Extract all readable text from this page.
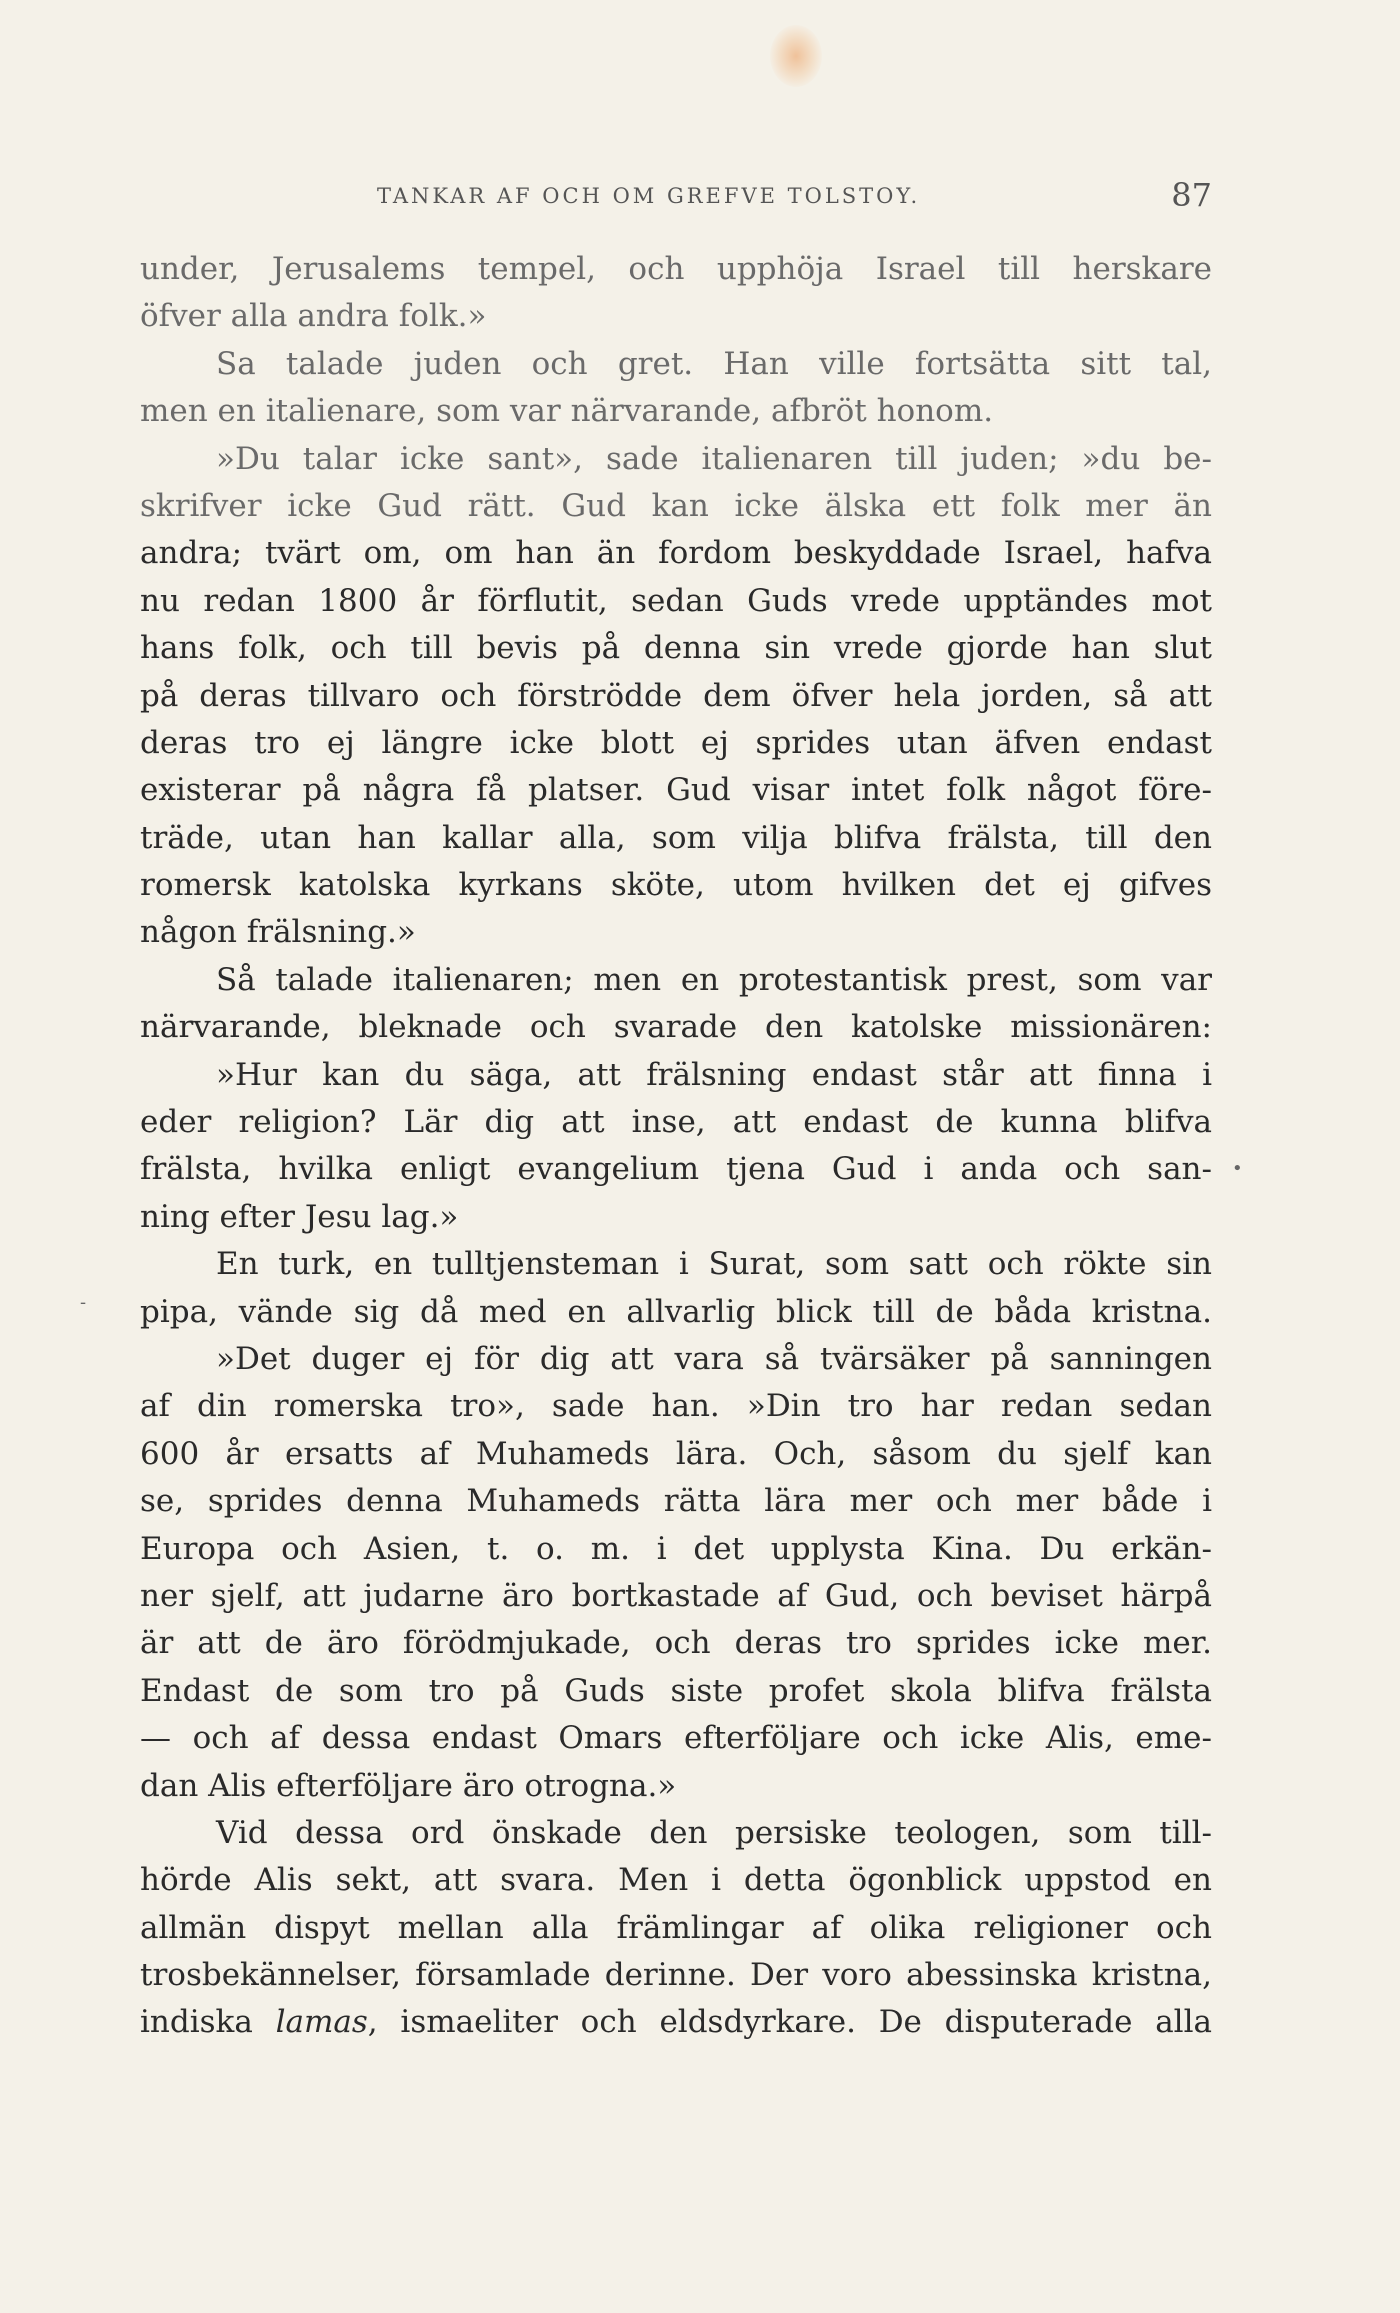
TANKAR AF OCH OM GREFVE TOLSTOY.	87
under, Jerusalems tempel, och upphöja Israel till herskare
öfver alla andra folk.»
Sa talade juden och gret. Han ville fortsätta sitt tal,
men en italienare, som var närvarande, afbröt honom.
»Du talar icke sant», sade italienaren till juden; »du be-
skrifver icke Gud rätt. Gud kan icke älska ett folk mer än
andra; tvärt om, om han än fordom beskyddade Israel, hafva
nu redan 1800 år förflutit, sedan Guds vrede upptändes mot
hans folk, och till bevis på denna sin vrede gjorde han slut
på deras tillvaro och förströdde dem öfver hela jorden, så att
deras tro ej längre icke blott ej sprides utan äfven endast
existerar på några få platser. Gud visar intet folk något före-
träde, utan han kallar alla, som vilja blifva frälsta, till den
romersk katolska kyrkans sköte, utom hvilken det ej gifves
någon frälsning.»
Så talade italienaren; men en protestantisk prest, som var
närvarande, bleknade och svarade den katolske missionären:
»Hur kan du säga, att frälsning endast står att finna i
eder religion? Lär dig att inse, att endast de kunna blifva
frälsta, hvilka enligt evangelium tjena Gud i anda och san-
ning efter Jesu lag.»
En turk, en tulltjensteman i Surat, som satt och rökte sin
pipa, vände sig då med en allvarlig blick till de båda kristna.
»Det duger ej för dig att vara så tvärsäker på sanningen
af din romerska tro», sade han. »Din tro har redan sedan
600 år ersatts af Muhameds lära. Och, såsom du sjelf kan
se, sprides denna Muhameds rätta lära mer och mer både i
Europa och Asien, t. o. m. i det upplysta Kina. Du erkän-
ner sjelf, att judarne äro bortkastade af Gud, och beviset härpå
är att de äro förödmjukade, och deras tro sprides icke mer.
Endast de som tro på Guds siste profet skola blifva frälsta
— och af dessa endast Omars efterföljare och icke Alis, eme-
dan Alis efterföljare äro otrogna.»
Vid dessa ord önskade den persiske teologen, som till-
hörde Alis sekt, att svara. Men i detta ögonblick uppstod en
allmän dispyt mellan alla främlingar af olika religioner och
trosbekännelser, församlade derinne. Der voro abessinska kristna,
indiska lamas, ismaeliter och eldsdyrkare. De disputerade alla
•
-
